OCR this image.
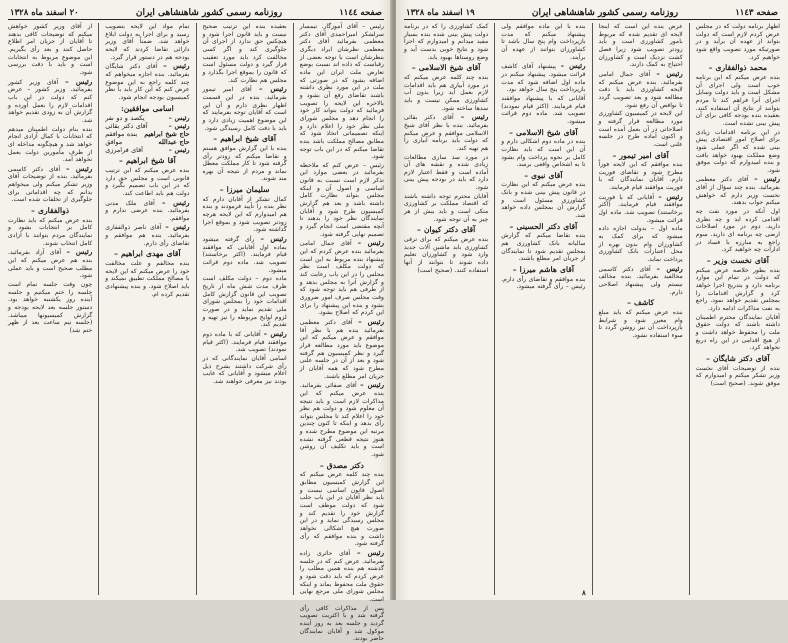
صفحه ١١٤٤
روزنامه رسمی کشور شاهنشاهی ایران
٢٠ اسفند ماه ١٣٢٨
رئیس – آقای آموزگار. تیمسار سرلشکر امیراحمدی آقای دکتر معظمی بفرمائید آقای دکتر معظمی نظرشان ایراد دیگری بنظرشان است با توجه بعضی از رقباست که داده اند نسبت بوضع تعارض ملت ایران این ماده اضافه بشود که در صورتی که ملت در این مورد نظری داشته باشند تقاضای رفع آن بشود و بالاخره این لایحه را تصویب فرمائید که دولت بتواند کار خود را انجام دهد و مجلس شورای ملی نظر خود را اعلام دارد و اینکه تصمیماتی اتخاذ شود که مطابق مصالح مملکت باشد بنده تقاضا میکنم که در این باب توجه شود.
رئیس – عرض کنم که ملاحظه بفرمائید در بعضی موارد این تذکر لازم است نسبت به قانون اساسی و اصول آن و اینکه مجلس بتواند نظارت کامل داشته باشد و بعد هم گزارش کمیسیون طرح شود و آقایان نمایندگان نظر خود را بدهند تا آنچه مقتضی است انجام گیرد و تصمیم نهایی گرفته شود.
رئیس – آقای جمال امامی بفرمائید بنده عرض کردم که این پیشنهاد بنده مربوط به این است که دولت مکلف است نظر مجلس را در این باب رعایت کند و گزارش آنرا به مجلس بدهد و از طرفی هم باید توجه شود که وقت مجلس صرف امور ضروری بشود و بنده این پیشنهاد را برای این کردم که اصلاح بشود.
رئیس – آقای دکتر معظمی بفرمائید بنده هم با نظر آقا موافقم و عرض میکنم که این موضوع باید مورد مطالعه قرار گیرد و نظر کمیسیون هم گرفته شود و بعد از آن در جلسه علنی مطرح شود که همه آقایان از جریان امر مطلع باشند.
رئیس – آقای صفائی بفرمائید. بنده عرض میکنم که این مذاکرات لازم است و باید نتیجه آن معلوم شود و دولت هم نظر خود را اعلام کند تا مجلس بتواند رأی بدهد و اینکه تا کنون چندین مرتبه این موضوع مطرح شده و هنوز نتیجه قطعی گرفته نشده است و باید تکلیف آن روشن شود.
دکتر مصدق –
بنده چند کلمه عرض میکنم که این گزارش کمیسیون مطابق اصول قانون اساسی نیست و باید نظر آقایان در این باب جلب شود که دولت موظف است گزارش خود را تقدیم کند و مجلس رسیدگی نماید و در این صورت هیچ اشکالی نخواهد داشت و بنده موافقم که رأی گرفته شود.
رئیس – آقای حائری زاده بفرمائید. عرض کنم که در جلسه گذشته هم بنده همین مطلب را عرض کردم که باید دقت شود و حقوق ملت محفوظ بماند و اینکه مجلس شورای ملی مرجع نهایی است.
پس از مذاکرات کافی رأی گرفته شد و با اکثریت تصویب گردید و جلسه بعد به روز آینده موکول شد و آقایان نمایندگان حاضر بودند.
بعقیده بنده این ترتیب صحیح نیست و باید قانون اجرا شود و هیچکس حق ندارد از اجرای آن جلوگیری کند و اگر کسی مخالفت کرد باید مورد تعقیب قرار گیرد و دولت مسئول است که قانون را بموقع اجرا بگذارد و مجلس هم نظارت کند.
رئیس – آقای امیر تیمور بفرمائید. بنده در این قسمت اظهار نظری دارم و آن این است که آقایان توجه بفرمایند که این موضوع اهمیت زیادی دارد و باید با دقت کامل رسیدگی شود.
آقای شیخ ابراهیم –
بنده با این گزارش موافق هستم و تقاضا میکنم که زودتر رأی گرفته شود تا کار مملکت معطل نماند و مردم از نتیجه آن بهره مند شوند.
سلیمان میرزا –
کمال تشکر از آقایان دارم که نظر بنده را تأیید فرمودند و بنده هم امیدوارم که این لایحه هرچه زودتر تصویب شود و بموقع اجرا گذاشته شود.
رئیس – رأی گرفته میشود بماده اول آقایانی که موافقند قیام فرمایند. (اکثر برخاستند) تصویب شد. ماده دوم قرائت میشود.
ماده دوم – دولت مکلف است ظرف مدت شش ماه از تاریخ تصویب این قانون گزارش کامل اقدامات خود را بمجلس شورای ملی تقدیم نماید و در صورت لزوم لوایح مربوطه را نیز تهیه و تقدیم کند.
رئیس – آقایانی که با ماده دوم موافقند قیام فرمایند. (اکثر قیام نمودند) تصویب شد.
اسامی آقایان نمایندگانی که در رأی شرکت داشتند بشرح ذیل اعلام میشود و آقایانی که غایب بودند نیز معرفی خواهند شد.
تمام مواد این لایحه بتصویب رسید و برای اجرا به دولت ابلاغ خواهد شد. ضمناً آقای وزیر دارائی تقاضا کردند که لایحه بودجه هم در دستور قرار گیرد.
رئیس – آقای دکتر شایگان بفرمائید. بنده اجازه میخواهم که چند کلمه راجع به این موضوع عرض کنم که این کار باید با نظر کمیسیون بودجه انجام شود.
اسامی موافقین:
رئیس –
یکصد و دو نفر
رئیس –
آقای دکتر بقائی
حاج شیخ ابراهیم
بنده موافقم
حاج عبدالله
موافق
رئیس –
آقای فرامرزی
آقا شیخ ابراهیم –
بنده عرض میکنم که این ترتیب قانونی است و مجلس حق دارد که در این باب تصمیم بگیرد و دولت هم باید اطاعت کند.
رئیس – آقای ملک مدنی بفرمائید. بنده عرضی ندارم و موافقم.
رئیس – آقای ناصر ذوالفقاری بفرمائید. بنده هم موافقم و تقاضای رأی دارم.
آقای مهدی ابراهیم –
بنده مخالفم و علت مخالفت خود را عرض میکنم که این لایحه با مصالح مملکت تطبیق نمیکند و باید اصلاح شود. و بنده پیشنهادی تقدیم کرده ام.
از آقای وزیر کشور خواهش میکنم که توضیحات کافی بدهند تا آقایان از جریان امر اطلاع حاصل کنند و بعد رأی بگیریم. این موضوع مربوط به انتخابات است و باید با دقت بررسی شود.
رئیس – آقای وزیر کشور بفرمائید. وزیر کشور – عرض کنم که دولت در این باب اقدامات لازم را بعمل آورده و گزارش آن به زودی تقدیم خواهد شد.
بنده بنام دولت اطمینان میدهم که انتخابات با کمال آزادی انجام خواهد شد و هیچگونه مداخله ای از طرف مأمورین دولت بعمل نخواهد آمد.
رئیس – آقای دکتر کاسمی بفرمائید. بنده از توضیحات آقای وزیر تشکر میکنم ولی میخواهم بدانم که چه اقداماتی برای جلوگیری از تخلفات شده است.
ذوالفقاری –
بنده عرض میکنم که باید نظارت کامل بر انتخابات بشود و نمایندگان مردم بتوانند با آزادی کامل انتخاب شوند.
رئیس – آقای آزاد بفرمائید. بنده هم عرض میکنم که این مطلب صحیح است و باید عملی شود.
چون وقت جلسه تمام است جلسه را ختم میکنیم و جلسه آینده روز یکشنبه خواهد بود. دستور جلسه بعد لایحه بودجه و گزارش کمیسیونها میباشد. (جلسه نیم ساعت بعد از ظهر ختم شد)
صفحه ١١٤٣
روزنامه رسمی کشور شاهنشاهی ایران
١٩ اسفند ماه ١٣٢٨
اظهار برنامه دولت که در مجلس عرض کردم لازم است که دولت بتواند از عهده آن برآید و در صورتیکه مورد تصویب واقع شود خواهیم کرد.
محمد ذوالفقاری –
بنده عرض میکنم که این برنامه خوب است ولی اجرای آن مشکل است و باید دولت وسایل اجرای آنرا فراهم کند تا مردم بتوانند از نتایج آن استفاده کنند. بعقیده بنده بودجه کافی برای آن پیش بینی نشده است.
در این برنامه اقدامات زیادی برای اصلاح امور اقتصادی پیش بینی شده که اگر عملی شود وضع مملکت بهبود خواهد یافت و بنده امیدوارم که دولت موفق شود.
رئیس – آقای دکتر معظمی بفرمائید. بنده چند سؤال از آقای نخست وزیر دارم که خواهش میکنم جواب بدهند.
اول آنکه در مورد نفت چه اقدامی کرده اید و چه نظری دارید. دوم در مورد اصلاحات ارضی چه برنامه ای دارید. سوم راجع به مبارزه با فساد در ادارات چه خواهید کرد.
آقای نخست وزیر –
بنده بطور خلاصه عرض میکنم که دولت در تمام این موارد برنامه دارد و بتدریج اجرا خواهد کرد و گزارش اقدامات را بمجلس تقدیم خواهد نمود. راجع به نفت مذاکرات ادامه دارد.
آقایان نمایندگان محترم اطمینان داشته باشند که دولت حقوق ملت را محفوظ خواهد داشت و از هیچ اقدامی در این راه دریغ نخواهد کرد.
آقای دکتر شایگان –
بنده از توضیحات آقای نخست وزیر تشکر میکنم و امیدوارم که موفق شوند. (صحیح است)
عرض بنده این است که اینجا لایحه ای تقدیم شده که مربوط بامور کشاورزی است و باید زودتر تصویب شود زیرا فصل کشت نزدیک است و کشاورزان احتیاج به کمک دارند.
رئیس – آقای جمال امامی بفرمائید. بنده عرض میکنم که لایحه کشاورزی باید با دقت مطالعه شود و بعد تصویب گردد تا نواقص آن رفع شود.
این لایحه در کمیسیون کشاورزی مورد مطالعه قرار گرفته و اصلاحاتی در آن بعمل آمده است و اکنون آماده طرح در جلسه علنی است.
آقای امیر تیمور –
بنده موافقم که این لایحه فوراً مطرح شود و تقاضای فوریت دارم. آقایان نمایندگان که با فوریت موافقند قیام فرمایند.
رئیس – آقایانی که با فوریت موافقند قیام فرمایند. (اکثر برخاستند) تصویب شد. ماده اول قرائت میشود.
ماده اول – بدولت اجازه داده میشود که برای کمک به کشاورزان وام بدون بهره از محل اعتبارات بانک کشاورزی پرداخت نماید.
رئیس – آقای دکتر کاسمی مخالفید بفرمائید. بنده مخالف نیستم ولی پیشنهاد اصلاحی دارم.
کاشف –
بنده عرض میکنم که باید مبلغ وام معین شود و شرایط بازپرداخت آن نیز روشن گردد تا سوء استفاده نشود.
بنده با این ماده موافقم ولی پیشنهاد میکنم که مدت بازپرداخت وام پنج سال باشد تا کشاورزان بتوانند از عهده آن برآیند.
رئیس – پیشنهاد آقای کاشف قرائت میشود. پیشنهاد میکنم در ماده اول اضافه شود که مدت بازپرداخت پنج سال خواهد بود.
آقایانی که با پیشنهاد موافقند قیام فرمایند. (اکثر قیام نمودند) تصویب شد. ماده دوم قرائت میشود.
آقای شیخ الاسلامی –
بنده در ماده دوم اشکالی دارم و آن این است که باید نظارت کامل بر نحوه پرداخت وام بشود تا به اشخاص واقعی برسد.
آقای نبوی –
بنده عرض میکنم که این نظارت در قانون پیش بینی شده و بانک کشاورزی مسئول است و گزارش آن بمجلس داده خواهد شد.
آقای دکتر الحسینی –
بنده تقاضا میکنم که گزارش سالیانه بانک کشاورزی هم بمجلس تقدیم شود تا نمایندگان از جریان امر مطلع باشند.
آقای هاشم میرزا –
بنده موافقم و تقاضای رأی دارم. رئیس – رأی گرفته میشود.
کمک کشاورزی را که در برنامه دولت پیش بینی شده بنده بسیار مفید میدانم و امیدوارم که اجرا شود و نتایج خوبی بدست آید و وضع روستاها بهبود یابد.
آقای شیخ الاسلامی –
بنده چند کلمه عرض میکنم که در مورد آبیاری هم باید اقدامات لازم بعمل آید زیرا بدون آب کشاورزی ممکن نیست و باید سدها ساخته شود.
رئیس – آقای دکتر بقائی بفرمائید. بنده با نظر آقای شیخ الاسلامی موافقم و عرض میکنم که دولت باید برنامه آبیاری را هم تهیه کند.
در مورد سد سازی مطالعات زیادی شده و نقشه های آن آماده است و فقط اعتبار لازم دارد که باید در بودجه پیش بینی شود.
آقایان محترم توجه داشته باشند که اقتصاد مملکت بر کشاورزی متکی است و باید بیش از هر چیز به آن توجه شود.
آقای دکتر کیوان –
بنده عرض میکنم که برای ترقی کشاورزی باید ماشین آلات جدید وارد شود و کشاورزان تعلیم داده شوند تا بتوانند از آنها استفاده کنند. (صحیح است)
٨
